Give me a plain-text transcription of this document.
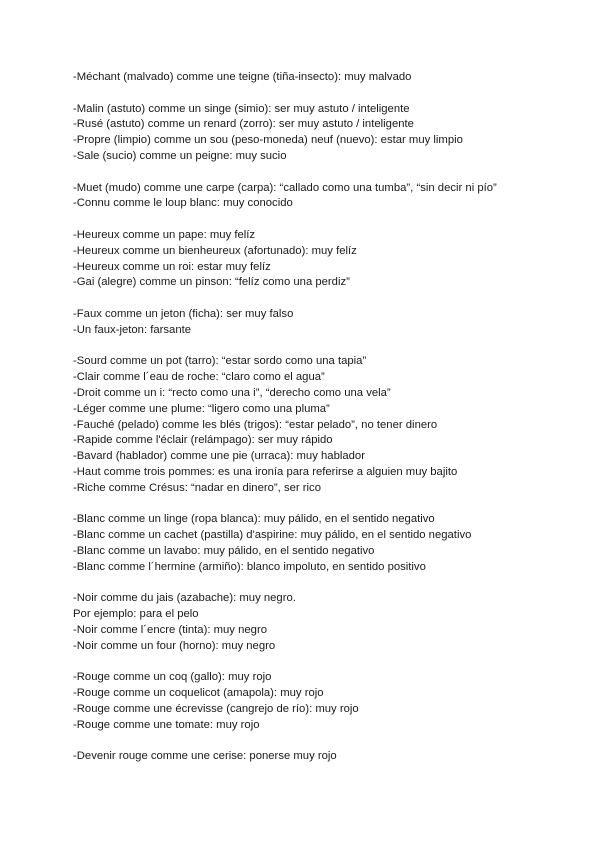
-Méchant (malvado) comme une teigne (tiña-insecto): muy malvado
-Malin (astuto) comme un singe (simio): ser muy astuto / inteligente
-Rusé (astuto) comme un renard (zorro): ser muy astuto / inteligente
-Propre (limpio) comme un sou (peso-moneda) neuf (nuevo): estar muy limpio
-Sale (sucio) comme un peigne: muy sucio
-Muet (mudo) comme une carpe (carpa): “callado como una tumba”, “sin decir ni pío”
-Connu comme le loup blanc: muy conocido
-Heureux comme un pape: muy felíz
-Heureux comme un bienheureux (afortunado): muy felíz
-Heureux comme un roi: estar muy felíz
-Gai (alegre) comme un pinson: “felíz como una perdiz”
-Faux comme un jeton (ficha): ser muy falso
-Un faux-jeton: farsante
-Sourd comme un pot (tarro): “estar sordo como una tapia”
-Clair comme l´eau de roche: “claro como el agua”
-Droit comme un i: “recto como una i”, “derecho como una vela”
-Léger comme une plume: “ligero como una pluma”
-Fauché (pelado) comme les blés (trigos): “estar pelado”, no tener dinero
-Rapide comme l'éclair (relámpago): ser muy rápido
-Bavard (hablador) comme une pie (urraca): muy hablador
-Haut comme trois pommes: es una ironía para referirse a alguien muy bajito
-Riche comme Crésus: “nadar en dinero”, ser rico
-Blanc comme un linge (ropa blanca): muy pálido, en el sentido negativo
-Blanc comme un cachet (pastilla) d'aspirine: muy pálido, en el sentido negativo
-Blanc comme un lavabo: muy pálido, en el sentido negativo
-Blanc comme l´hermine (armiño): blanco impoluto, en sentido positivo
-Noir comme du jais (azabache): muy negro.
Por ejemplo: para el pelo
-Noir comme l´encre (tinta): muy negro
-Noir comme un four (horno): muy negro
-Rouge comme un coq (gallo): muy rojo
-Rouge comme un coquelicot (amapola): muy rojo
-Rouge comme une écrevisse (cangrejo de río): muy rojo
-Rouge comme une tomate: muy rojo
-Devenir rouge comme une cerise: ponerse muy rojo
